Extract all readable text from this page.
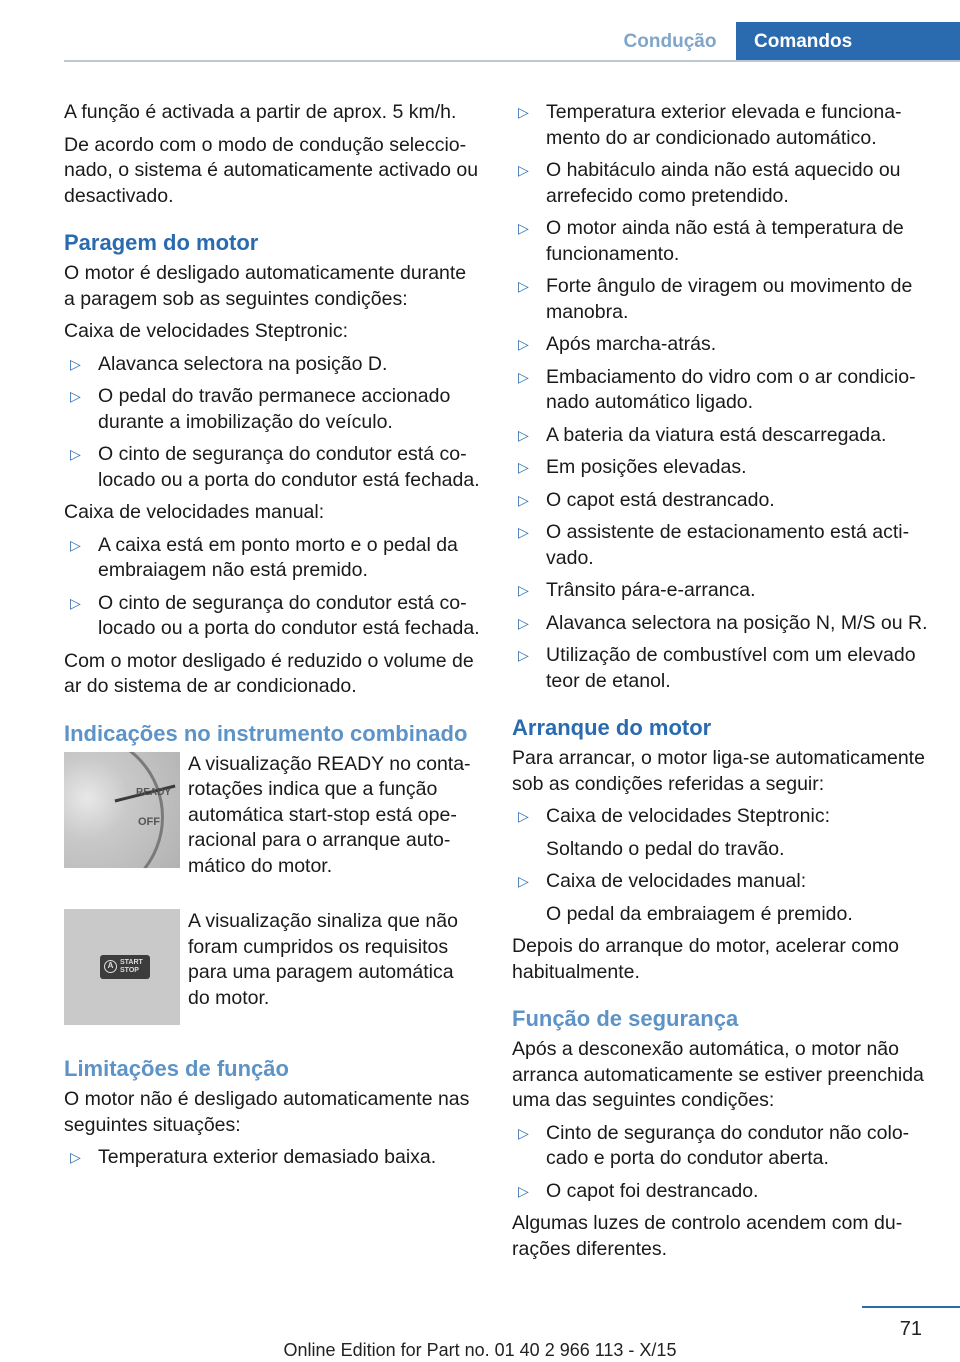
Condução	Comandos

A função é activada a partir de aprox. 5 km/h.

De acordo com o modo de condução seleccionado, o sistema é automaticamente activado ou desactivado.

Paragem do motor

O motor é desligado automaticamente durante a paragem sob as seguintes condições:

Caixa de velocidades Steptronic:

▷ Alavanca selectora na posição D.
▷ O pedal do travão permanece accionado durante a imobilização do veículo.
▷ O cinto de segurança do condutor está colocado ou a porta do condutor está fechada.

Caixa de velocidades manual:

▷ A caixa está em ponto morto e o pedal da embraiagem não está premido.
▷ O cinto de segurança do condutor está colocado ou a porta do condutor está fechada.

Com o motor desligado é reduzido o volume de ar do sistema de ar condicionado.

Indicações no instrumento combinado
READY
OFF
A visualização READY no conta-rotações indica que a função automática start-stop está operacional para o arranque automático do motor.
A START
STOP
A visualização sinaliza que não foram cumpridos os requisitos para uma paragem automática do motor.
Limitações de função

O motor não é desligado automaticamente nas seguintes situações:

▷ Temperatura exterior demasiado baixa.
▷ Temperatura exterior elevada e funcionamento do ar condicionado automático.
▷ O habitáculo ainda não está aquecido ou arrefecido como pretendido.
▷ O motor ainda não está à temperatura de funcionamento.
▷ Forte ângulo de viragem ou movimento de manobra.
▷ Após marcha-atrás.
▷ Embaciamento do vidro com o ar condicionado automático ligado.
▷ A bateria da viatura está descarregada.
▷ Em posições elevadas.
▷ O capot está destrancado.
▷ O assistente de estacionamento está activado.
▷ Trânsito pára-e-arranca.
▷ Alavanca selectora na posição N, M/S ou R.
▷ Utilização de combustível com um elevado teor de etanol.
Arranque do motor

Para arrancar, o motor liga-se automaticamente sob as condições referidas a seguir:

▷ Caixa de velocidades Steptronic:
Soltando o pedal do travão.
▷ Caixa de velocidades manual:
O pedal da embraiagem é premido.

Depois do arranque do motor, acelerar como habitualmente.

Função de segurança

Após a desconexão automática, o motor não arranca automaticamente se estiver preenchida uma das seguintes condições:

▷ Cinto de segurança do condutor não colocado e porta do condutor aberta.
▷ O capot foi destrancado.

Algumas luzes de controlo acendem com durações diferentes.

71
Online Edition for Part no. 01 40 2 966 113 - X/15
